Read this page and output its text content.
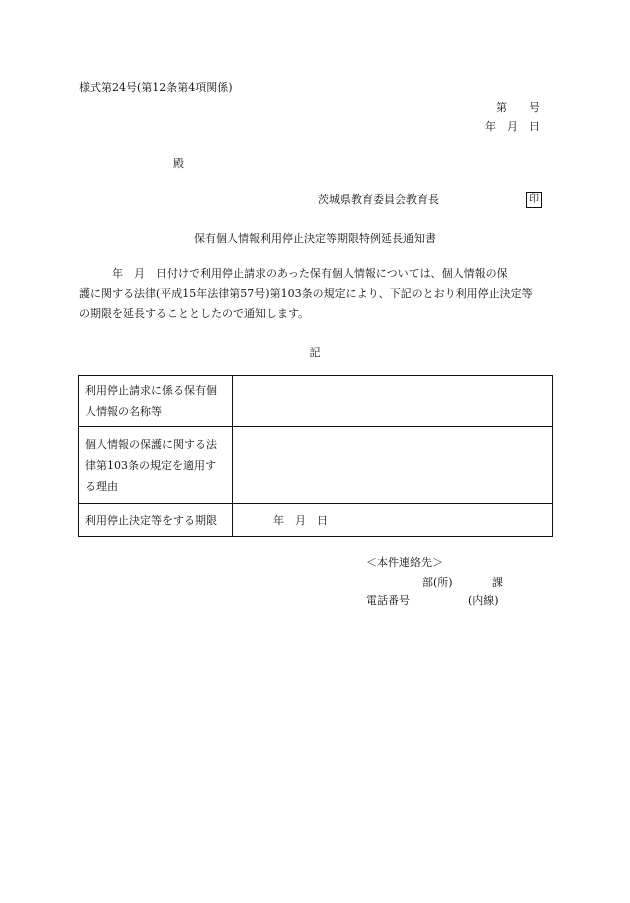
様式第24号(第12条第4項関係)
第　　号
年　月　日
殿
茨城県教育委員会教育長	印
保有個人情報利用停止決定等期限特例延長通知書
　　　年　月　日付けで利用停止請求のあった保有個人情報については、個人情報の保
護に関する法律(平成15年法律第57号)第103条の規定により、下記のとおり利用停止決定等
の期限を延長することとしたので通知します。
記
利用停止請求に係る保有個
人情報の名称等	
個人情報の保護に関する法
律第103条の規定を適用す
る理由	
利用停止決定等をする期限	年　月　日
＜本件連絡先＞
部(所)	課
電話番号	(内線)
